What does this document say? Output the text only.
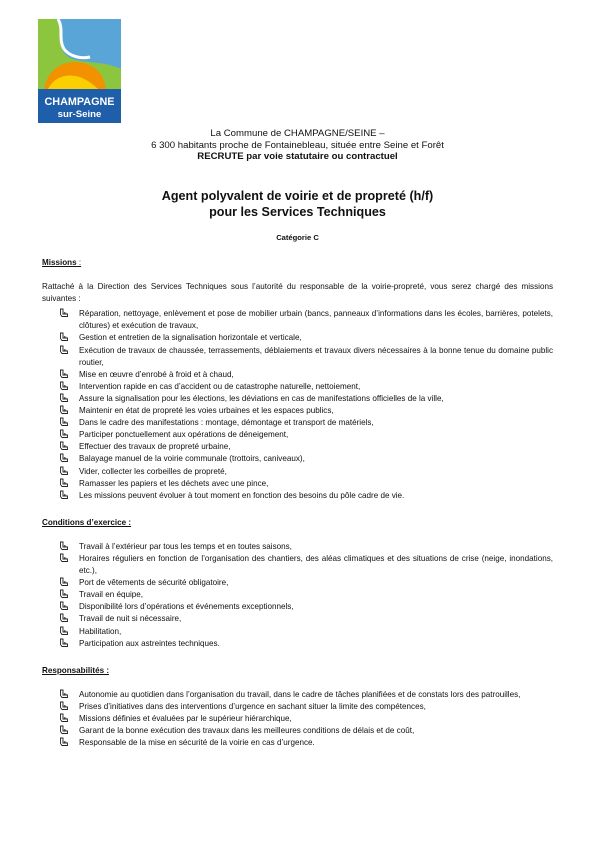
CHAMPAGNE
sur-Seine
La Commune de CHAMPAGNE/SEINE –
6 300 habitants proche de Fontainebleau, située entre Seine et Forêt
RECRUTE par voie statutaire ou contractuel
Agent polyvalent de voirie et de propreté (h/f)
pour les Services Techniques
Catégorie C

Missions :

Rattaché à la Direction des Services Techniques sous l’autorité du responsable de la voirie-propreté, vous serez chargé des missions suivantes :

Réparation, nettoyage, enlèvement et pose de mobilier urbain (bancs, panneaux d’informations dans les écoles, barrières, potelets, clôtures) et exécution de travaux,
Gestion et entretien de la signalisation horizontale et verticale,
Exécution de travaux de chaussée, terrassements, déblaiements et travaux divers nécessaires à la bonne tenue du domaine public routier,
Mise en œuvre d’enrobé à froid et à chaud,
Intervention rapide en cas d’accident ou de catastrophe naturelle, nettoiement,
Assure la signalisation pour les élections, les déviations en cas de manifestations officielles de la ville,
Maintenir en état de propreté les voies urbaines et les espaces publics,
Dans le cadre des manifestations : montage, démontage et transport de matériels,
Participer ponctuellement aux opérations de déneigement,
Effectuer des travaux de propreté urbaine,
Balayage manuel de la voirie communale (trottoirs, caniveaux),
Vider, collecter les corbeilles de propreté,
Ramasser les papiers et les déchets avec une pince,
Les missions peuvent évoluer à tout moment en fonction des besoins du pôle cadre de vie.

Conditions d’exercice :

Travail à l’extérieur par tous les temps et en toutes saisons,
Horaires réguliers en fonction de l’organisation des chantiers, des aléas climatiques et des situations de crise (neige, inondations, etc.),
Port de vêtements de sécurité obligatoire,
Travail en équipe,
Disponibilité lors d’opérations et événements exceptionnels,
Travail de nuit si nécessaire,
Habilitation,
Participation aux astreintes techniques.

Responsabilités :

Autonomie au quotidien dans l’organisation du travail, dans le cadre de tâches planifiées et de constats lors des patrouilles,
Prises d’initiatives dans des interventions d’urgence en sachant situer la limite des compétences,
Missions définies et évaluées par le supérieur hiérarchique,
Garant de la bonne exécution des travaux dans les meilleures conditions de délais et de coût,
Responsable de la mise en sécurité de la voirie en cas d’urgence.
